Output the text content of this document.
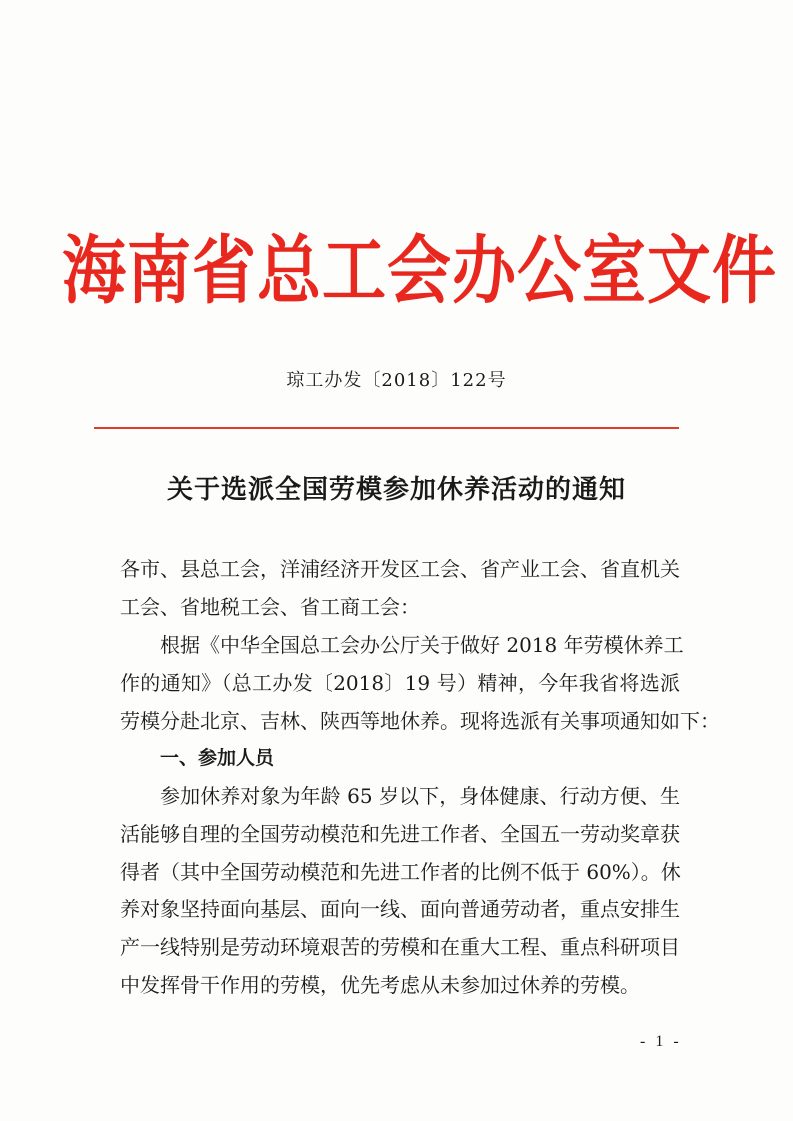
海南省总工会办公室文件
琼工办发〔2018〕122号
关于选派全国劳模参加休养活动的通知
各市、县总工会，洋浦经济开发区工会、省产业工会、省直机关
工会、省地税工会、省工商工会：
根据《中华全国总工会办公厅关于做好 2018 年劳模休养工
作的通知》（总工办发〔2018〕19 号）精神，今年我省将选派
劳模分赴北京、吉林、陕西等地休养。现将选派有关事项通知如下：
一、参加人员
参加休养对象为年龄 65 岁以下，身体健康、行动方便、生
活能够自理的全国劳动模范和先进工作者、全国五一劳动奖章获
得者（其中全国劳动模范和先进工作者的比例不低于 60%）。休
养对象坚持面向基层、面向一线、面向普通劳动者，重点安排生
产一线特别是劳动环境艰苦的劳模和在重大工程、重点科研项目
中发挥骨干作用的劳模，优先考虑从未参加过休养的劳模。
- 1 -
